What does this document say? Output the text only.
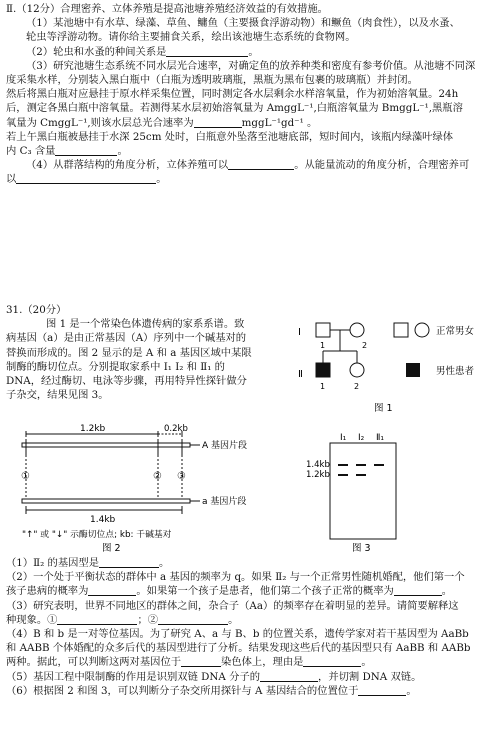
Ⅱ.（12分）合理密养、立体养殖是提高池塘养殖经济效益的有效措施。

（1）某池塘中有水草、绿藻、草鱼、鳙鱼（主要摄食浮游动物）和鳜鱼（肉食性），以及水蚤、

轮虫等浮游动物。请你给主要捕食关系，绘出该池塘生态系统的食物网。

（2）轮虫和水蚤的种间关系是	。

（3）研究池塘生态系统不同水层光合速率，对确定鱼的放养种类和密度有参考价值。从池塘不同深

度采集水样，分别装入黑白瓶中（白瓶为透明玻璃瓶，黑瓶为黑布包裹的玻璃瓶）并封闭。

然后将黑白瓶对应悬挂于原水样采集位置，同时测定各水层剩余水样溶氧量，作为初始溶氧量。24h

后，测定各黑白瓶中溶氧量。若测得某水层初始溶氧量为 AmggL⁻¹,白瓶溶氧量为 BmggL⁻¹,黑瓶溶

氧量为 CmggL⁻¹,则该水层总光合速率为	mggL⁻¹gd⁻¹ 。

若上午黑白瓶被悬挂于水深 25cm 处时，白瓶意外坠落至池塘底部，短时间内，该瓶内绿藻叶绿体

内 C₃ 含量	。

（4）从群落结构的角度分析，立体养殖可以	。从能量流动的角度分析，合理密养可

以	。

31.（20分）

图 1 是一个常染色体遗传病的家系系谱。致

病基因（a）是由正常基因（A）序列中一个碱基对的

替换而形成的。图 2 显示的是 A 和 a 基因区域中某限

制酶的酶切位点。分别提取家系中 Ⅰ₁ Ⅰ₂ 和 Ⅱ₁ 的

DNA，经过酶切、电泳等步骤，再用特异性探针做分

子杂交，结果见图 3。

Ⅰ
Ⅱ
1	2
1	2
正常男女
男性患者
图 1
1.2kb	0.2kb
A 基因片段
①	② ③
a 基因片段
1.4kb
"↑" 或 "↓" 示酶切位点; kb: 千碱基对
图 2
Ⅰ₁ Ⅰ₂ Ⅱ₁
1.4kb
1.2kb
图 3

（1）Ⅱ₂ 的基因型是	。

（2）一个处于平衡状态的群体中 a 基因的频率为 q。如果 Ⅱ₂ 与一个正常男性随机婚配，他们第一个

孩子患病的概率为	。如果第一个孩子是患者，他们第二个孩子正常的概率为	。

（3）研究表明，世界不同地区的群体之间，杂合子（Aa）的频率存在着明显的差异。请简要解释这

种现象。①	；②	。

（4）B 和 b 是一对等位基因。为了研究 A、a 与 B、b 的位置关系，遗传学家对若干基因型为 AaBb

和 AABB 个体婚配的众多后代的基因型进行了分析。结果发现这些后代的基因型只有 AaBB 和 AABb

两种。据此，可以判断这两对基因位于	染色体上，理由是	。

（5）基因工程中限制酶的作用是识别双链 DNA 分子的	，并切割 DNA 双链。

（6）根据图 2 和图 3，可以判断分子杂交所用探针与 A 基因结合的位置位于	。
